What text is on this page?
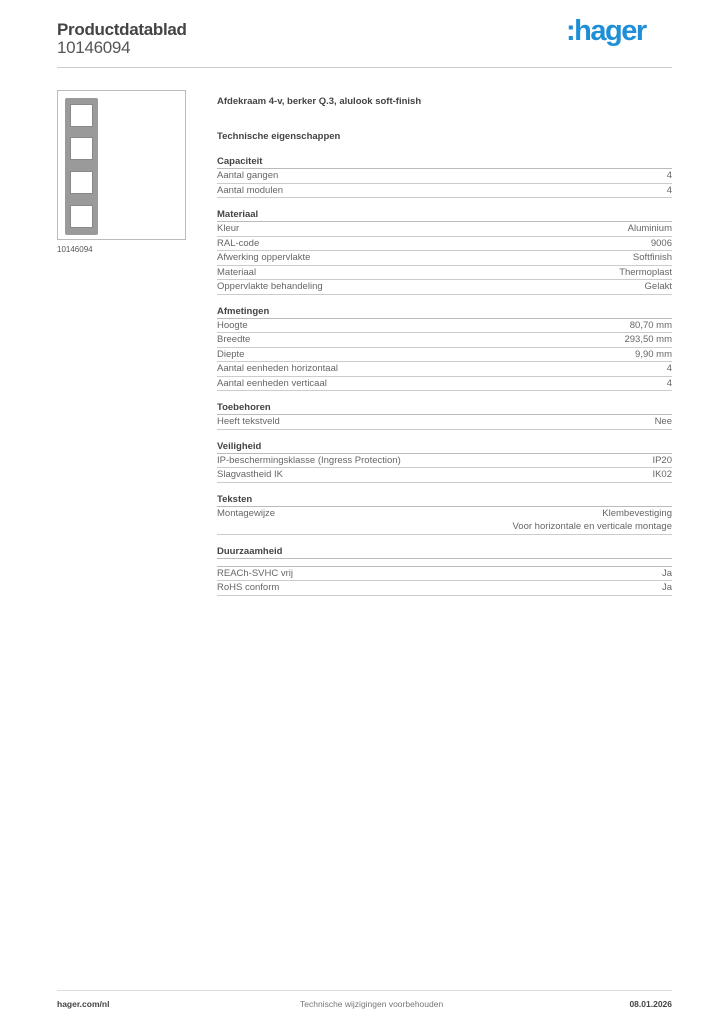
Productdatablad
10146094
:hager
10146094
Afdekraam 4-v, berker Q.3, alulook soft-finish
Technische eigenschappen
Capaciteit
Aantal gangen	4
Aantal modulen	4
Materiaal
Kleur	Aluminium
RAL-code	9006
Afwerking oppervlakte	Softfinish
Materiaal	Thermoplast
Oppervlakte behandeling	Gelakt
Afmetingen
Hoogte	80,70 mm
Breedte	293,50 mm
Diepte	9,90 mm
Aantal eenheden horizontaal	4
Aantal eenheden verticaal	4
Toebehoren
Heeft tekstveld	Nee
Veiligheid
IP-beschermingsklasse (Ingress Protection)	IP20
Slagvastheid IK	IK02
Teksten
Montagewijze	Klembevestiging
Voor horizontale en verticale montage
Duurzaamheid
REACh-SVHC vrij	Ja
RoHS conform	Ja
hager.com/nl	Technische wijzigingen voorbehouden	08.01.2026
